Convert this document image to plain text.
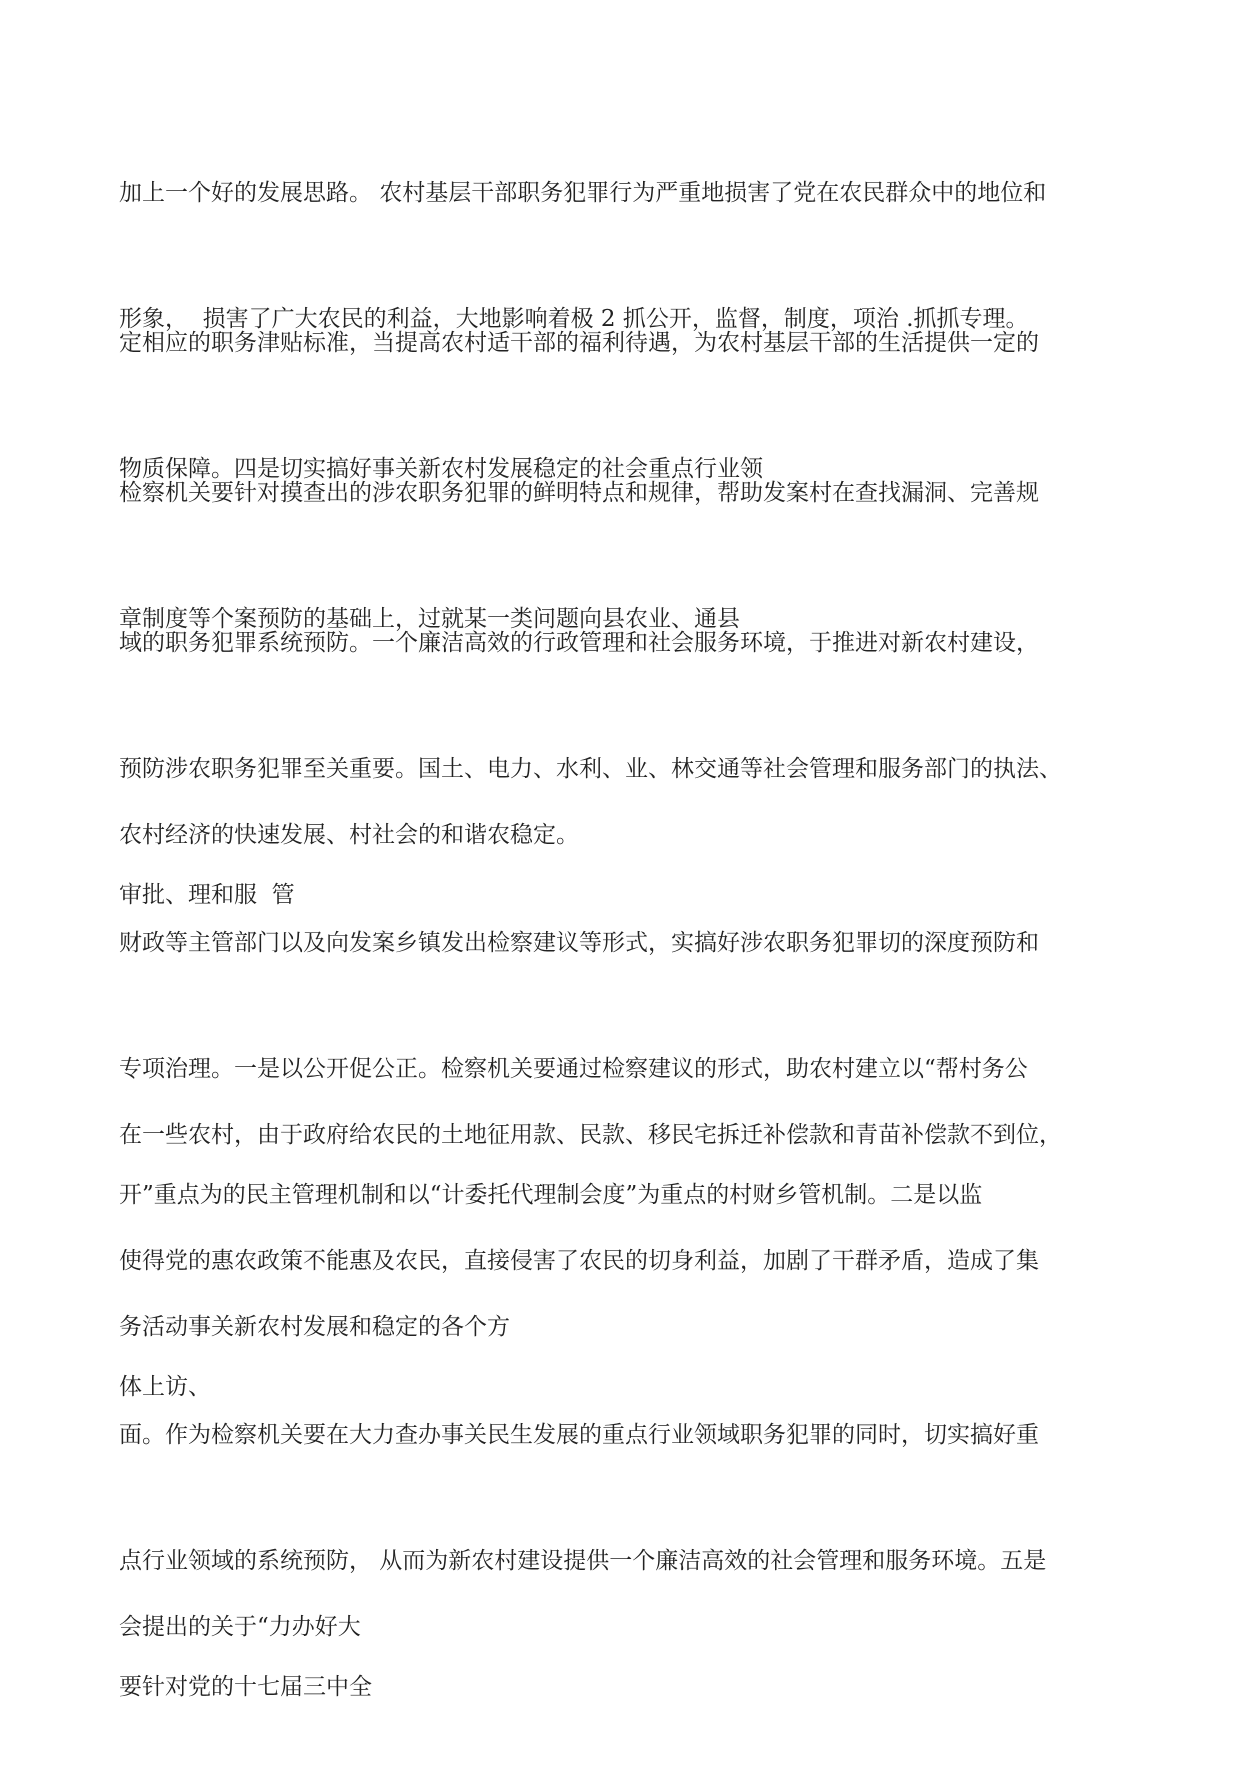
加上一个好的发展思路。 农村基层干部职务犯罪行为严重地损害了党在农民群众中的地位和

形象，  损害了广大农民的利益，大地影响着极 2 抓公开，监督，制度，项治 .抓抓专理。

定相应的职务津贴标准，当提高农村适干部的福利待遇，为农村基层干部的生活提供一定的

物质保障。四是切实搞好事关新农村发展稳定的社会重点行业领

检察机关要针对摸查出的涉农职务犯罪的鲜明特点和规律，帮助发案村在查找漏洞、完善规

章制度等个案预防的基础上，过就某一类问题向县农业、通县

域的职务犯罪系统预防。一个廉洁高效的行政管理和社会服务环境，于推进对新农村建设，

预防涉农职务犯罪至关重要。国土、电力、水利、业、林交通等社会管理和服务部门的执法、

审批、理和服  管

农村经济的快速发展、村社会的和谐农稳定。

财政等主管部门以及向发案乡镇发出检察建议等形式，实搞好涉农职务犯罪切的深度预防和

专项治理。一是以公开促公正。检察机关要通过检察建议的形式，助农村建立以“帮村务公

开”重点为的民主管理机制和以“计委托代理制会度”为重点的村财乡管机制。二是以监

在一些农村，由于政府给农民的土地征用款、民款、移民宅拆迁补偿款和青苗补偿款不到位，

使得党的惠农政策不能惠及农民，直接侵害了农民的切身利益，加剧了干群矛盾，造成了集

体上访、

务活动事关新农村发展和稳定的各个方

面。作为检察机关要在大力查办事关民生发展的重点行业领域职务犯罪的同时，切实搞好重

点行业领域的系统预防， 从而为新农村建设提供一个廉洁高效的社会管理和服务环境。五是

要针对党的十七届三中全

会提出的关于“力办好大
